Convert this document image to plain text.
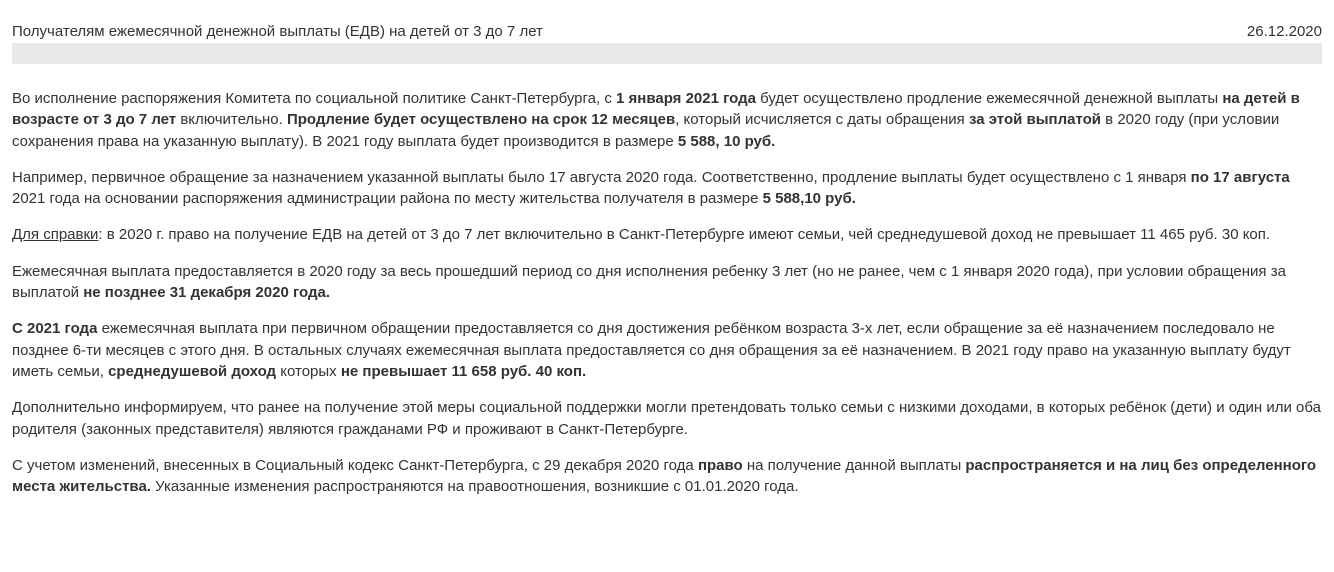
Получателям ежемесячной денежной выплаты (ЕДВ) на детей от 3 до 7 лет	26.12.2020

Во исполнение распоряжения Комитета по социальной политике Санкт-Петербурга, с 1 января 2021 года будет осуществлено продление ежемесячной денежной выплаты на детей в возрасте от 3 до 7 лет включительно. Продление будет осуществлено на срок 12 месяцев, который исчисляется с даты обращения за этой выплатой в 2020 году (при условии сохранения права на указанную выплату). В 2021 году выплата будет производится в размере 5 588, 10 руб.

Например, первичное обращение за назначением указанной выплаты было 17 августа 2020 года. Соответственно, продление выплаты будет осуществлено с 1 января по 17 августа 2021 года на основании распоряжения администрации района по месту жительства получателя в размере 5 588,10 руб.

Для справки: в 2020 г. право на получение ЕДВ на детей от 3 до 7 лет включительно в Санкт-Петербурге имеют семьи, чей среднедушевой доход не превышает 11 465 руб. 30 коп.

Ежемесячная выплата предоставляется в 2020 году за весь прошедший период со дня исполнения ребенку 3 лет (но не ранее, чем с 1 января 2020 года), при условии обращения за выплатой не позднее 31 декабря 2020 года.

С 2021 года ежемесячная выплата при первичном обращении предоставляется со дня достижения ребёнком возраста 3-х лет, если обращение за её назначением последовало не позднее 6-ти месяцев с этого дня. В остальных случаях ежемесячная выплата предоставляется со дня обращения за её назначением. В 2021 году право на указанную выплату будут иметь семьи, среднедушевой доход которых не превышает 11 658 руб. 40 коп.

Дополнительно информируем, что ранее на получение этой меры социальной поддержки могли претендовать только семьи с низкими доходами, в которых ребёнок (дети) и один или оба родителя (законных представителя) являются гражданами РФ и проживают в Санкт-Петербурге.

С учетом изменений, внесенных в Социальный кодекс Санкт-Петербурга, с 29 декабря 2020 года право на получение данной выплаты распространяется и на лиц без определенного места жительства. Указанные изменения распространяются на правоотношения, возникшие с 01.01.2020 года.
